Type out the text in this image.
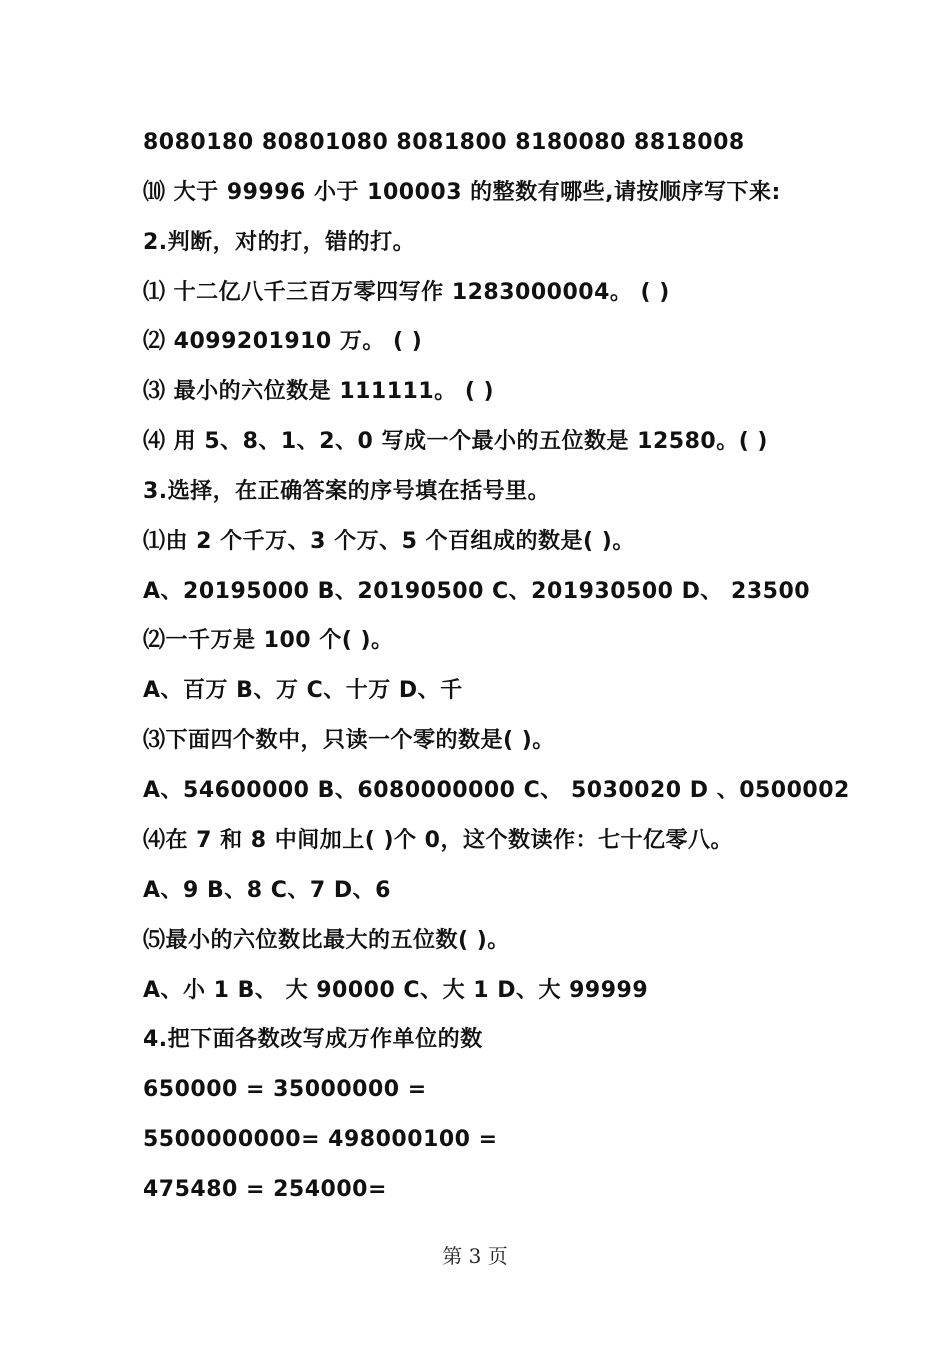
8080180 80801080 8081800 8180080 8818008
⑽ 大于 99996 小于 100003 的整数有哪些,请按顺序写下来:
2.判断，对的打，错的打。
⑴ 十二亿八千三百万零四写作 1283000004。 ( )
⑵ 4099201910 万。 ( )
⑶ 最小的六位数是 111111。 ( )
⑷ 用 5、8、1、2、0 写成一个最小的五位数是 12580。( )
3.选择，在正确答案的序号填在括号里。
⑴由 2 个千万、3 个万、5 个百组成的数是( )。
A、20195000 B、20190500 C、201930500 D、 23500
⑵一千万是 100 个( )。
A、百万 B、万 C、十万 D、千
⑶下面四个数中，只读一个零的数是( )。
A、54600000 B、6080000000 C、 5030020 D 、0500002
⑷在 7 和 8 中间加上( )个 0，这个数读作：七十亿零八。
A、9 B、8 C、7 D、6
⑸最小的六位数比最大的五位数( )。
A、小 1 B、 大 90000 C、大 1 D、大 99999
4.把下面各数改写成万作单位的数
650000 = 35000000 =
5500000000= 498000100 =
475480 = 254000=
第 3 页
